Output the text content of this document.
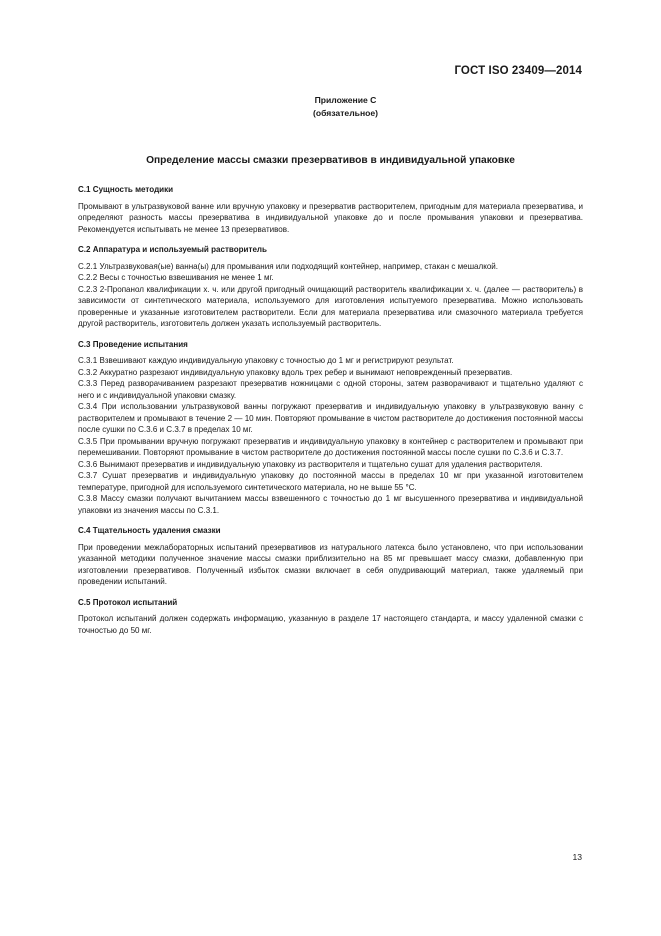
ГОСТ ISO 23409—2014
Приложение С
(обязательное)
Определение массы смазки презервативов в индивидуальной упаковке
С.1 Сущность методики

Промывают в ультразвуковой ванне или вручную упаковку и презерватив растворителем, пригодным для материала презерватива, и определяют разность массы презерватива в индивидуальной упаковке до и после промывания упаковки и презерватива. Рекомендуется испытывать не менее 13 презервативов.

С.2 Аппаратура и используемый растворитель

С.2.1 Ультразвуковая(ые) ванна(ы) для промывания или подходящий контейнер, например, стакан с мешалкой.

С.2.2 Весы с точностью взвешивания не менее 1 мг.

С.2.3 2-Пропанол квалификации х. ч. или другой пригодный очищающий растворитель квалификации х. ч. (далее — растворитель) в зависимости от синтетического материала, используемого для изготовления испытуемого презерватива. Можно использовать проверенные и указанные изготовителем растворители. Если для материала презерватива или смазочного материала требуется другой растворитель, изготовитель должен указать используемый растворитель.

С.3 Проведение испытания

С.3.1 Взвешивают каждую индивидуальную упаковку с точностью до 1 мг и регистрируют результат.

С.3.2 Аккуратно разрезают индивидуальную упаковку вдоль трех ребер и вынимают неповрежденный презерватив.

С.3.3 Перед разворачиванием разрезают презерватив ножницами с одной стороны, затем разворачивают и тщательно удаляют с него и с индивидуальной упаковки смазку.

С.3.4 При использовании ультразвуковой ванны погружают презерватив и индивидуальную упаковку в ультразвуковую ванну с растворителем и промывают в течение 2 — 10 мин. Повторяют промывание в чистом растворителе до достижения постоянной массы после сушки по С.3.6 и С.3.7 в пределах 10 мг.

С.3.5 При промывании вручную погружают презерватив и индивидуальную упаковку в контейнер с растворителем и промывают при перемешивании. Повторяют промывание в чистом растворителе до достижения постоянной массы после сушки по С.3.6 и С.3.7.

С.3.6 Вынимают презерватив и индивидуальную упаковку из растворителя и тщательно сушат для удаления растворителя.

С.3.7 Сушат презерватив и индивидуальную упаковку до постоянной массы в пределах 10 мг при указанной изготовителем температуре, пригодной для используемого синтетического материала, но не выше 55 °С.

С.3.8 Массу смазки получают вычитанием массы взвешенного с точностью до 1 мг высушенного презерватива и индивидуальной упаковки из значения массы по С.3.1.

С.4 Тщательность удаления смазки

При проведении межлабораторных испытаний презервативов из натурального латекса было установлено, что при использовании указанной методики полученное значение массы смазки приблизительно на 85 мг превышает массу смазки, добавленную при изготовлении презервативов. Полученный избыток смазки включает в себя опудривающий материал, также удаляемый при проведении испытаний.

С.5 Протокол испытаний

Протокол испытаний должен содержать информацию, указанную в разделе 17 настоящего стандарта, и массу удаленной смазки с точностью до 50 мг.

13
